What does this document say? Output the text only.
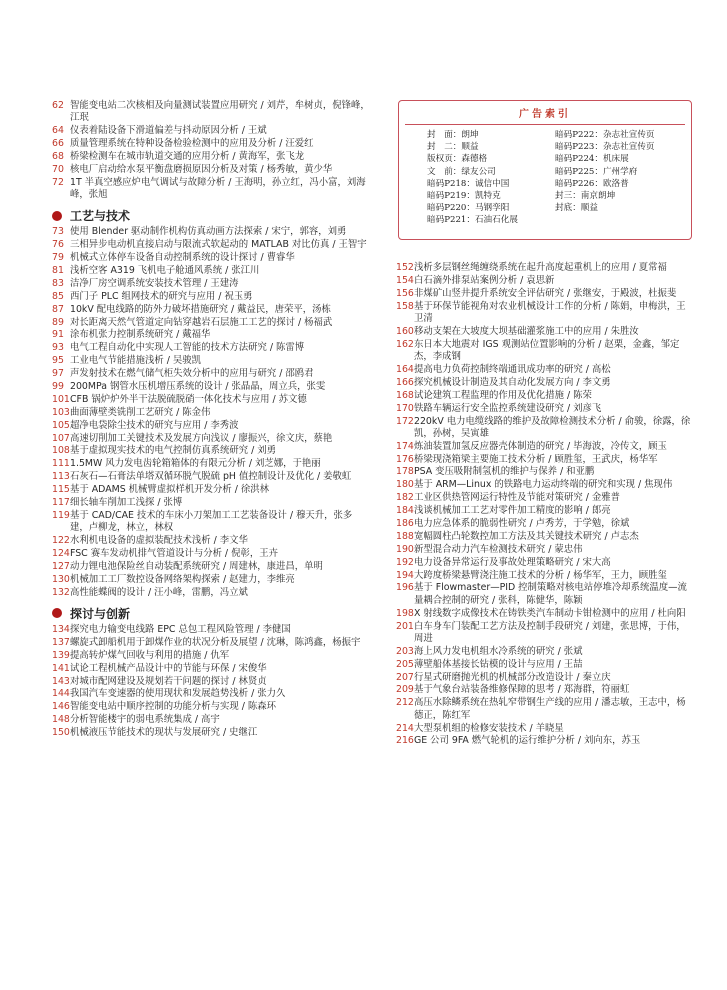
广告索引
封　面：朗坤
封　二：顺益
版权页：森德格
文　前：绿友公司
暗码P218：诚信中国
暗码P219：凯特克
暗码P220：马钢孪阳
暗码P221：石油石化展
暗码P222：杂志社宣传页
暗码P223：杂志社宣传页
暗码P224：机床展
暗码P225：广州学府
暗码P226：欧洛普
封三：南京朗坤
封底：顺益
62 智能变电站二次核相及向量测试装置应用研究 / 刘芹，牟树贞，倪锋峰，江珉
64 仪表着陆设备下滑道偏差与抖动原因分析 / 王斌
66 质量管理系统在特种设备检验检测中的应用及分析 / 汪爱红
68 桥梁检测车在城市轨道交通的应用分析 / 黄海军，张飞龙
70 核电厂启动给水泵平衡盘磨损原因分析及对策 / 杨秀敏，黄少华
72 1T 半真空感应炉电气调试与故障分析 / 王海明，孙立红，冯小富，刘海峰，张旭
工艺与技术
73 使用 Blender 驱动制作机构仿真动画方法探索 / 宋宁，郭容，刘勇
76 三相异步电动机直接启动与限流式软起动的 MATLAB 对比仿真 / 王智宇
79 机械式立体停车设备自动控制系统的设计探讨 / 曹睿华
81 浅析空客 A319 飞机电子舱通风系统 / 张江川
83 洁净厂房空调系统安装技术管理 / 王建涛
85 西门子 PLC 组网技术的研究与应用 / 祝玉勇
87 10kV 配电线路的防外力破坏措施研究 / 戴益民，唐荣平，汤栋
89 对长距离天然气管道定向钻穿越岩石层施工工艺的探讨 / 杨福武
91 涂布机张力控制系统研究 / 戴福华
93 电气工程自动化中实现人工智能的技术方法研究 / 陈雷博
95 工业电气节能措施浅析 / 吴骏凯
97 声发射技术在燃气储气柜失效分析中的应用与研究 / 邵鸥君
99 200MPa 钢管水压机增压系统的设计 / 张晶晶，周立兵，张雯
101 CFB 锅炉炉外半干法脱硫脱硝一体化技术与应用 / 苏文德
103 曲面薄壁类铣削工艺研究 / 陈金伟
105 超净电袋除尘技术的研究与应用 / 李秀波
107 高速切削加工关键技术及发展方向浅议 / 廖振兴，徐文庆，蔡艳
108 基于虚拟现实技术的电气控制仿真系统研究 / 刘勇
111 1.5MW 风力发电齿轮箱箱体的有限元分析 / 刘芝娜，于艳丽
113 石灰石—石膏法单塔双循环脱气脱硫 pH 值控制设计及优化 / 姜敬虹
115 基于 ADAMS 机械臂虚拟样机开发分析 / 徐洪林
117 细长轴车削加工浅探 / 张博
119 基于 CAD/CAE 技术的车床小刀架加工工艺装备设计 / 穆天升，张多建，卢柳龙，林立，林权
122 水利机电设备的虚拟装配技术浅析 / 李文华
124 FSC 赛车发动机排气管道设计与分析 / 倪彰，王卉
127 动力锂电池保险丝自动装配系统研究 / 周建林，康进昌，单明
130 机械加工工厂数控设备网络架构探索 / 赵建力，李维亮
132 高性能蝶阀的设计 / 汪小峰，雷鹏，冯立斌
探讨与创新
134 探究电力输变电线路 EPC 总包工程风险管理 / 李健国
137 螺旋式卸船机用于卸煤作业的状况分析及展望 / 沈琳，陈鸿鑫，杨振宇
139 提高转炉煤气回收与利用的措施 / 仇军
141 试论工程机械产品设计中的节能与环保 / 宋俊华
143 对城市配网建设及规划若干问题的探讨 / 林贤贞
144 我国汽车变速器的使用现状和发展趋势浅析 / 张力久
146 智能变电站中顺序控制的功能分析与实现 / 陈森环
148 分析智能楼宇的弱电系统集成 / 高宇
150 机械液压节能技术的现状与发展研究 / 史继江
152 浅析多层钢丝绳缠绕系统在起升高度起重机上的应用 / 夏常福
154 白石滴外排泵站案例分析 / 袁思新
156 非煤矿山竖井提升系统安全评估研究 / 张继安，于殿波，杜振斐
158 基于环保节能视角对农业机械设计工作的分析 / 陈娟，申梅洪，王卫清
160 移动支架在大坡度大坝基础灌浆施工中的应用 / 朱胜汝
162 东日本大地震对 IGS 观测站位置影响的分析 / 赵栗，金鑫，邹定杰，李成钢
164 提高电力负荷控制终端通讯成功率的研究 / 高松
166 探究机械设计制造及其自动化发展方向 / 李文勇
168 试论建筑工程监理的作用及优化措施 / 陈荣
170 铁路车辆运行安全监控系统建设研究 / 刘彦飞
172 220kV 电力电缆线路的维护及故障检测技术分析 / 俞骏，徐露，徐凯，孙树，吴寅雄
174 炼油装置加氢反应器壳体制造的研究 / 毕海波，冷传文，顾玉
176 桥梁现浇箱梁主要施工技术分析 / 顾胜玺，王武庆，杨华军
178 PSA 变压吸附制氢机的维护与保养 / 和亚鹏
180 基于 ARM—Linux 的铁路电力运动终端的研究和实现 / 焦现伟
182 工业区供热管网运行特性及节能对策研究 / 金雅普
184 浅谈机械加工工艺对零件加工精度的影响 / 郎亮
186 电力应急体系的脆弱性研究 / 卢秀芳，于学勉，徐斌
188 宽幅圆柱凸轮数控加工方法及其关键技术研究 / 卢志杰
190 新型混合动力汽车检测技术研究 / 蒙忠伟
192 电力设备异常运行及事故处理策略研究 / 宋大高
194 大跨度桥梁悬臂浇注施工技术的分析 / 杨华军，王力，顾胜玺
196 基于 Flowmaster—PID 控制策略对核电站停堆冷却系统温度—流量耦合控制的研究 / 张科，陈健华，陈颖
198 X 射线数字成像技术在铸铁类汽车制动卡钳检测中的应用 / 杜向阳
201 白车身车门装配工艺方法及控制手段研究 / 刘建，张思博，于伟，周进
203 海上风力发电机组水冷系统的研究 / 张斌
205 薄壁船体基接长钻模的设计与应用 / 王喆
207 行星式研磨抛光机的机械部分改造设计 / 秦立庆
209 基于气象台站装备维修保障的思考 / 郑海群，符丽虹
212 高压水除鳞系统在热轧窄带钢生产线的应用 / 潘志敏，王志中，杨德正，陈红军
214 大型泵机组的检修安装技术 / 羊晓星
216 GE 公司 9FA 燃气轮机的运行维护分析 / 刘向东，苏玉
